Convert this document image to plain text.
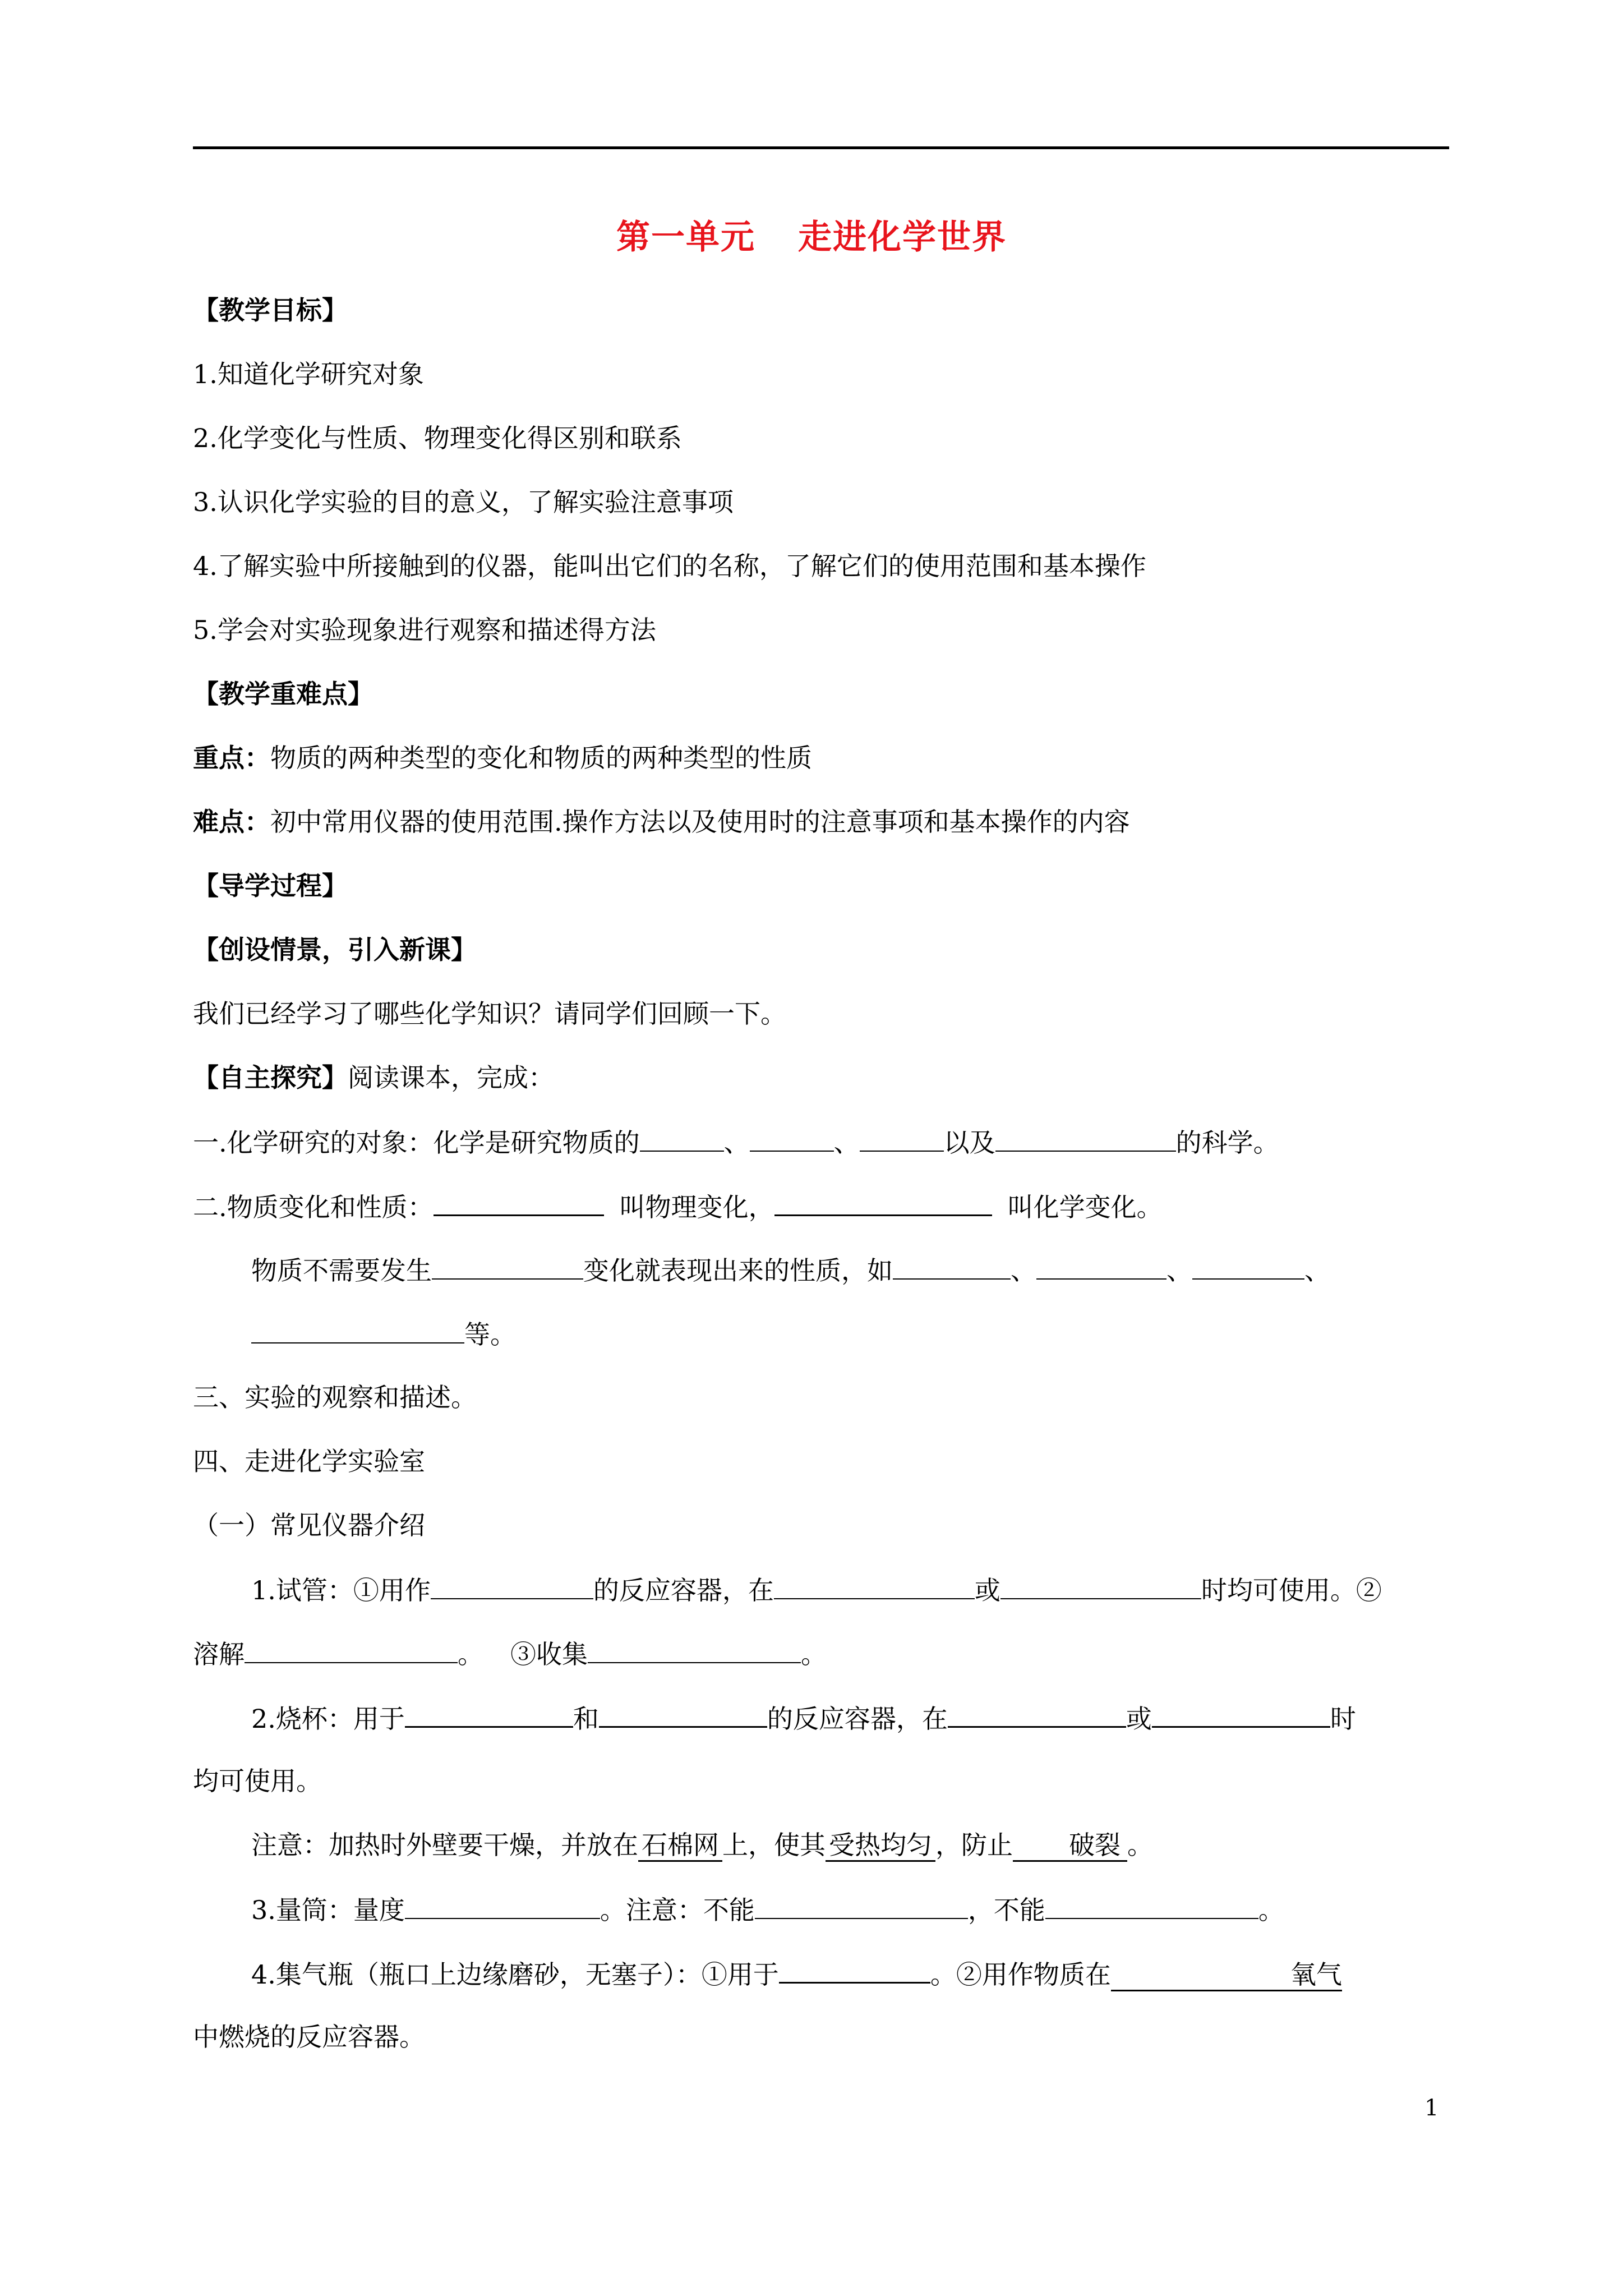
第一单元 走进化学世界
【教学目标】
1.知道化学研究对象
2.化学变化与性质、物理变化得区别和联系
3.认识化学实验的目的意义，了解实验注意事项
4.了解实验中所接触到的仪器，能叫出它们的名称，了解它们的使用范围和基本操作
5.学会对实验现象进行观察和描述得方法
【教学重难点】
重点：物质的两种类型的变化和物质的两种类型的性质
难点：初中常用仪器的使用范围.操作方法以及使用时的注意事项和基本操作的内容
【导学过程】
【创设情景，引入新课】
我们已经学习了哪些化学知识？请同学们回顾一下。
【自主探究】阅读课本，完成：
一.化学研究的对象：化学是研究物质的	、	、	以及	的科学。
二.物质变化和性质：	叫物理变化，	叫化学变化。
物质不需要发生	变化就表现出来的性质，如	、	、	、
等。
三、实验的观察和描述。
四、走进化学实验室
（一）常见仪器介绍
1.试管：①用作	的反应容器，在	或	时均可使用。②
溶解	。 ③收集	。
2.烧杯：用于	和	的反应容器，在	或	时
均可使用。
注意：加热时外壁要干燥，并放在 石棉网 上，使其 受热均匀 ，防止 破裂 。
3.量筒：量度	。注意：不能	，不能	。
4.集气瓶（瓶口上边缘磨砂，无塞子）：①用于	。②用作物质在	氧气
中燃烧的反应容器。
1
